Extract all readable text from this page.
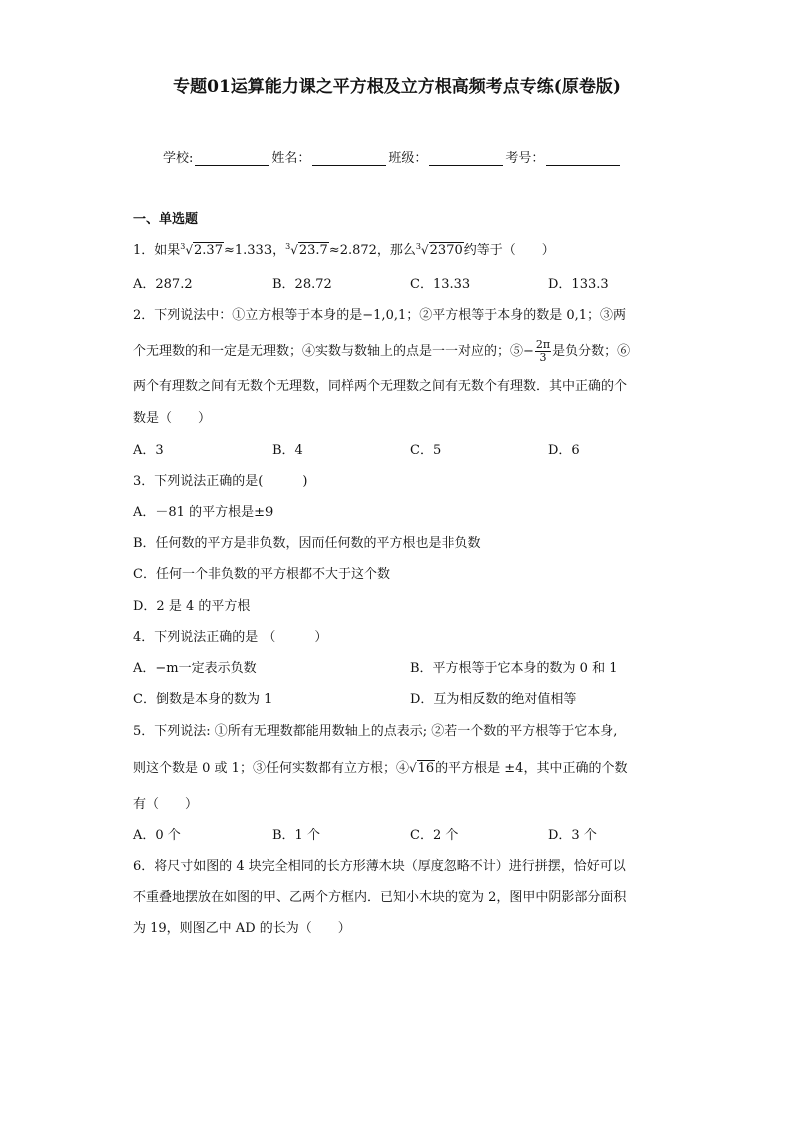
专题01运算能力课之平方根及立方根高频考点专练(原卷版)
学校:	姓名：	班级：	考号：
一、单选题
1．如果$^3$√2.37≈1.333，$^3$√23.7≈2.872，那么$^3$√2370约等于（　　）
A．287.2	B．28.72	C．13.33	D．133.3
2．下列说法中：①立方根等于本身的是−1,0,1；②平方根等于本身的数是 0,1；③两
个无理数的和一定是无理数；④实数与数轴上的点是一一对应的；⑤− $\frac{2\pi}{3}$ 是负分数；⑥
两个有理数之间有无数个无理数，同样两个无理数之间有无数个有理数．其中正确的个
数是（　　）
A．3	B．4	C．5	D．6
3．下列说法正确的是(　　　)
A．－81 的平方根是±9
B．任何数的平方是非负数，因而任何数的平方根也是非负数
C．任何一个非负数的平方根都不大于这个数
D．2 是 4 的平方根
4．下列说法正确的是 （　　　）
A．−m一定表示负数	B．平方根等于它本身的数为 0 和 1
C．倒数是本身的数为 1	D．互为相反数的绝对值相等
5．下列说法: ①所有无理数都能用数轴上的点表示; ②若一个数的平方根等于它本身,
则这个数是 0 或 1；③任何实数都有立方根；④√16的平方根是 ±4，其中正确的个数
有（　　）
A．0 个	B．1 个	C．2 个	D．3 个
6．将尺寸如图的 4 块完全相同的长方形薄木块（厚度忽略不计）进行拼摆，恰好可以
不重叠地摆放在如图的甲、乙两个方框内．已知小木块的宽为 2，图甲中阴影部分面积
为 19，则图乙中 AD 的长为（　　）
